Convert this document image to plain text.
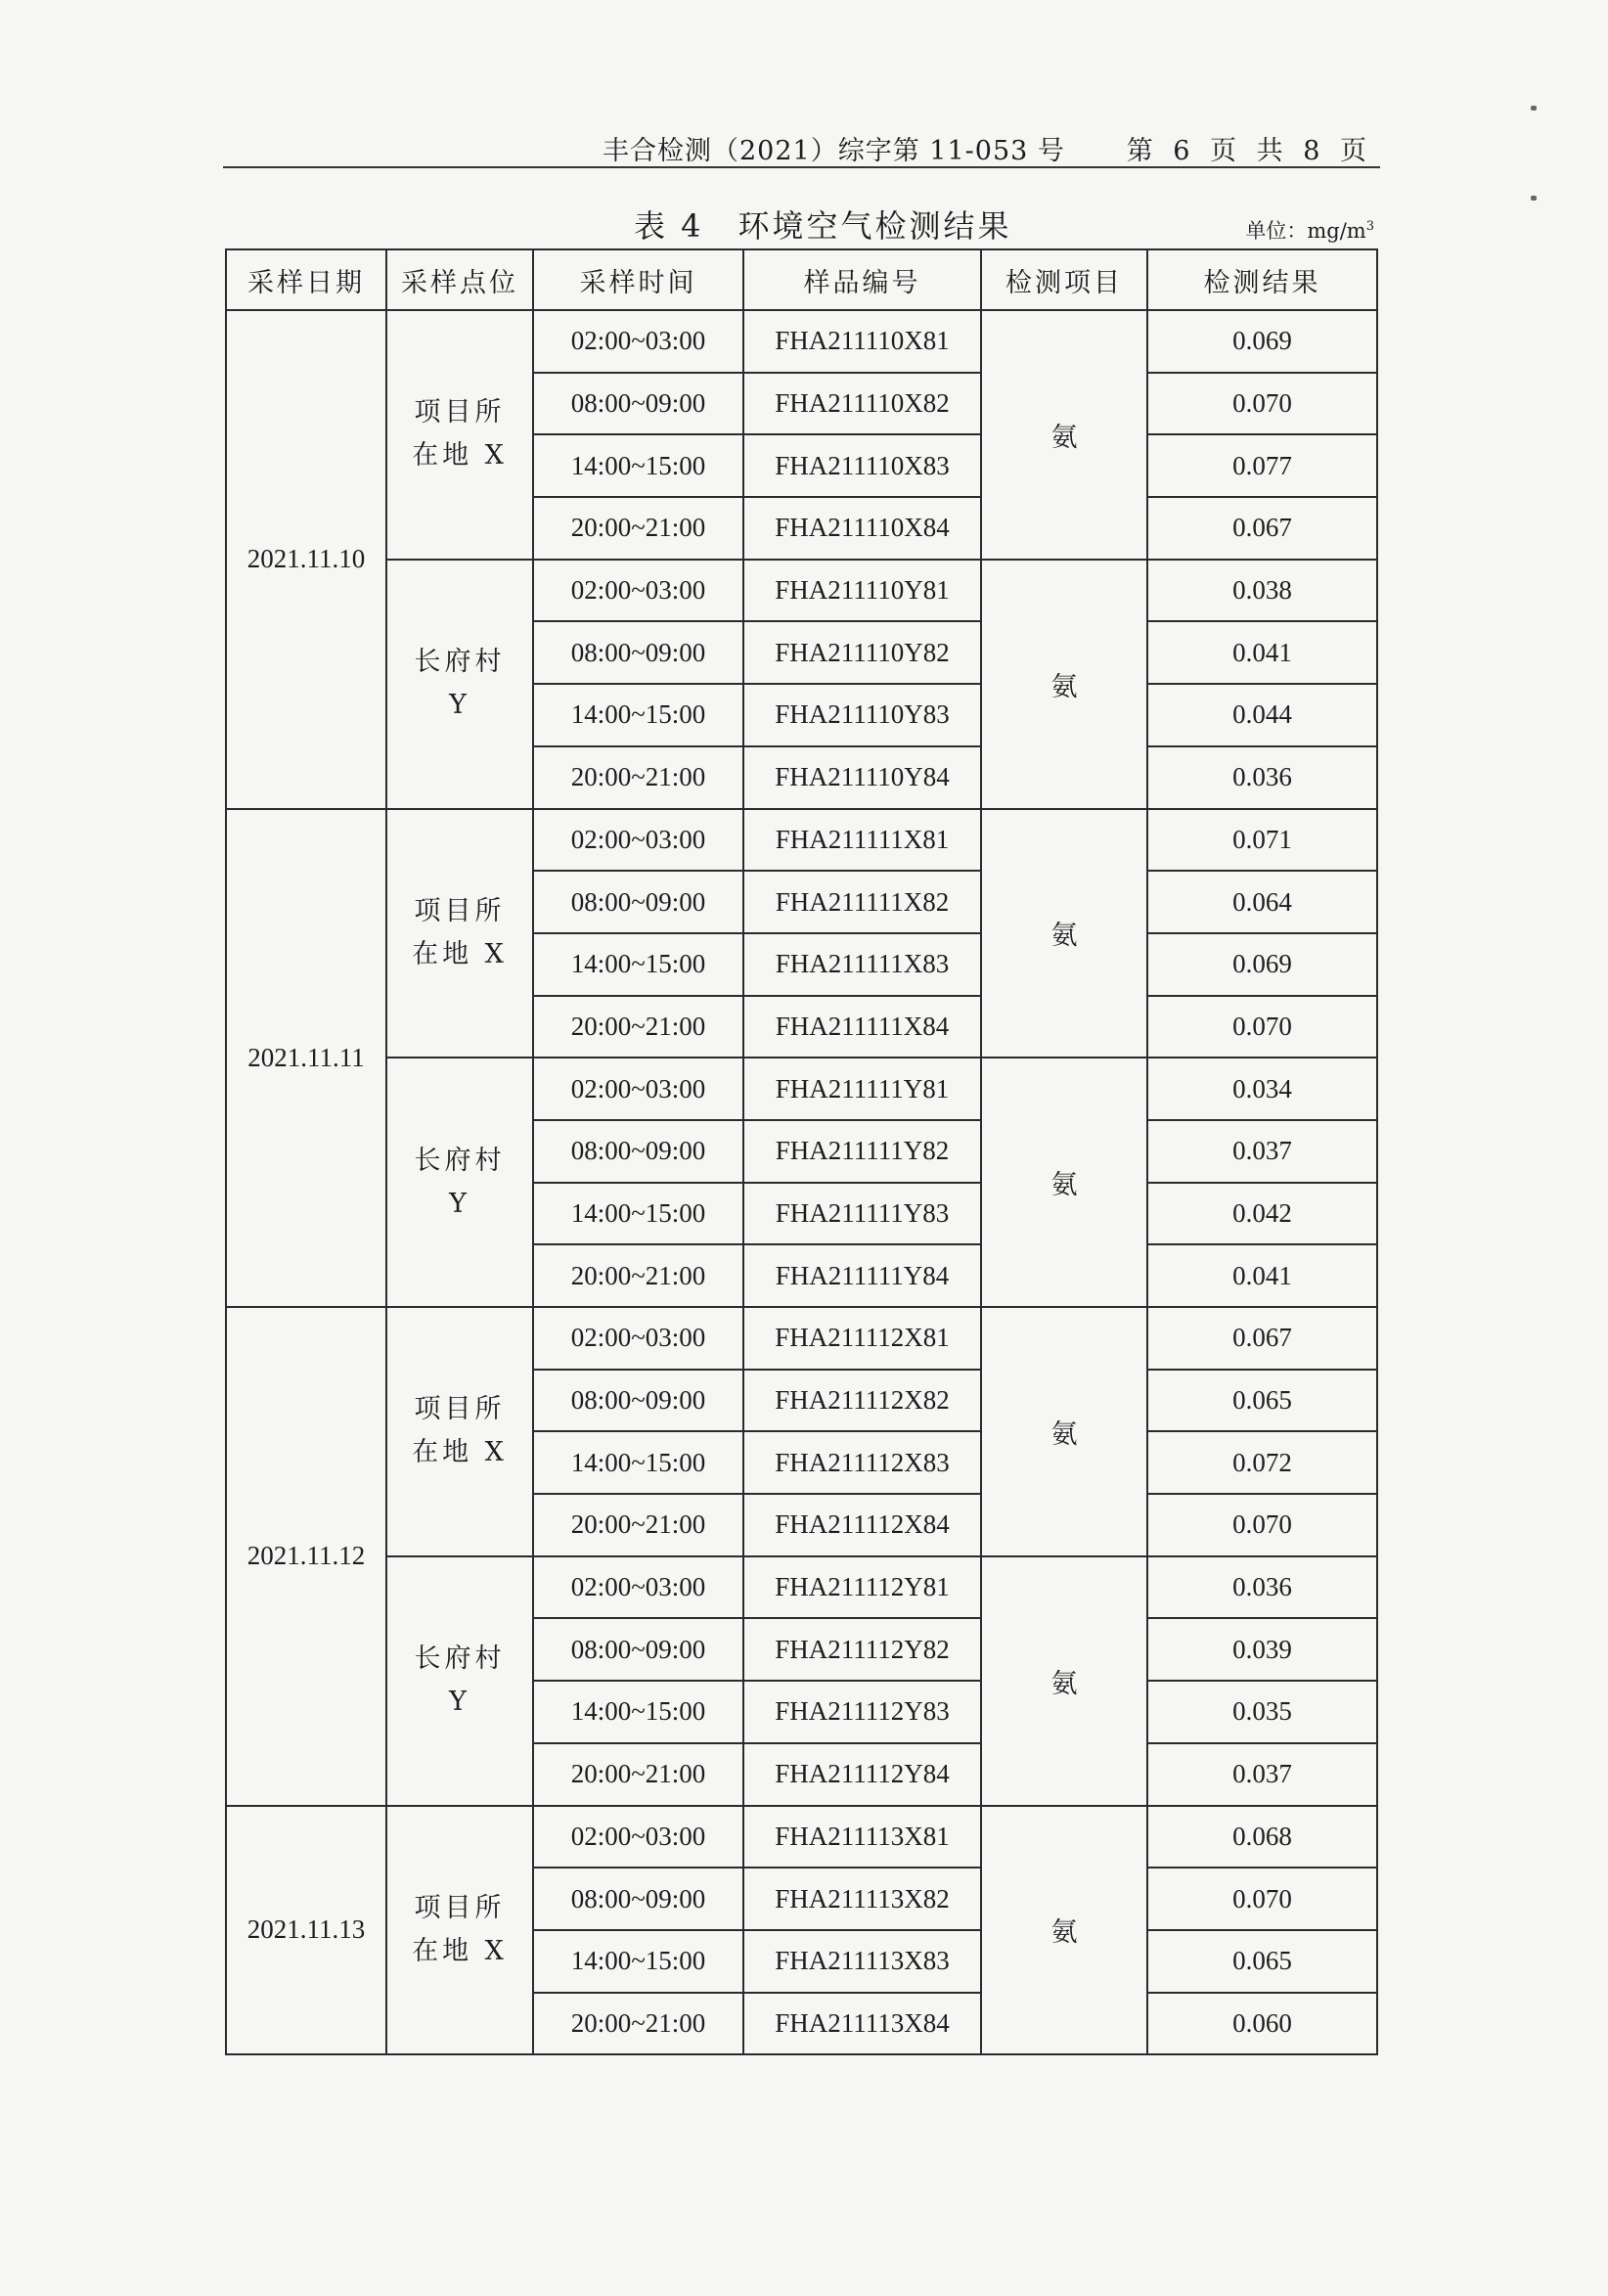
丰合检测（2021）综字第 11-053 号 第 6 页 共 8 页
表 4　环境空气检测结果	单位：$mg/m^3$
采样日期	采样点位	采样时间	样品编号	检测项目	检测结果
2021.11.10	项目所在地 X	02:00~03:00	FHA211110X81	氨	0.069
		08:00~09:00	FHA211110X82		0.070
		14:00~15:00	FHA211110X83		0.077
		20:00~21:00	FHA211110X84		0.067
	长府村 Y	02:00~03:00	FHA211110Y81	氨	0.038
		08:00~09:00	FHA211110Y82		0.041
		14:00~15:00	FHA211110Y83		0.044
		20:00~21:00	FHA211110Y84		0.036
2021.11.11	项目所在地 X	02:00~03:00	FHA211111X81	氨	0.071
		08:00~09:00	FHA211111X82		0.064
		14:00~15:00	FHA211111X83		0.069
		20:00~21:00	FHA211111X84		0.070
	长府村 Y	02:00~03:00	FHA211111Y81	氨	0.034
		08:00~09:00	FHA211111Y82		0.037
		14:00~15:00	FHA211111Y83		0.042
		20:00~21:00	FHA211111Y84		0.041
2021.11.12	项目所在地 X	02:00~03:00	FHA211112X81	氨	0.067
		08:00~09:00	FHA211112X82		0.065
		14:00~15:00	FHA211112X83		0.072
		20:00~21:00	FHA211112X84		0.070
	长府村 Y	02:00~03:00	FHA211112Y81	氨	0.036
		08:00~09:00	FHA211112Y82		0.039
		14:00~15:00	FHA211112Y83		0.035
		20:00~21:00	FHA211112Y84		0.037
2021.11.13	项目所在地 X	02:00~03:00	FHA211113X81	氨	0.068
		08:00~09:00	FHA211113X82		0.070
		14:00~15:00	FHA211113X83		0.065
		20:00~21:00	FHA211113X84		0.060
